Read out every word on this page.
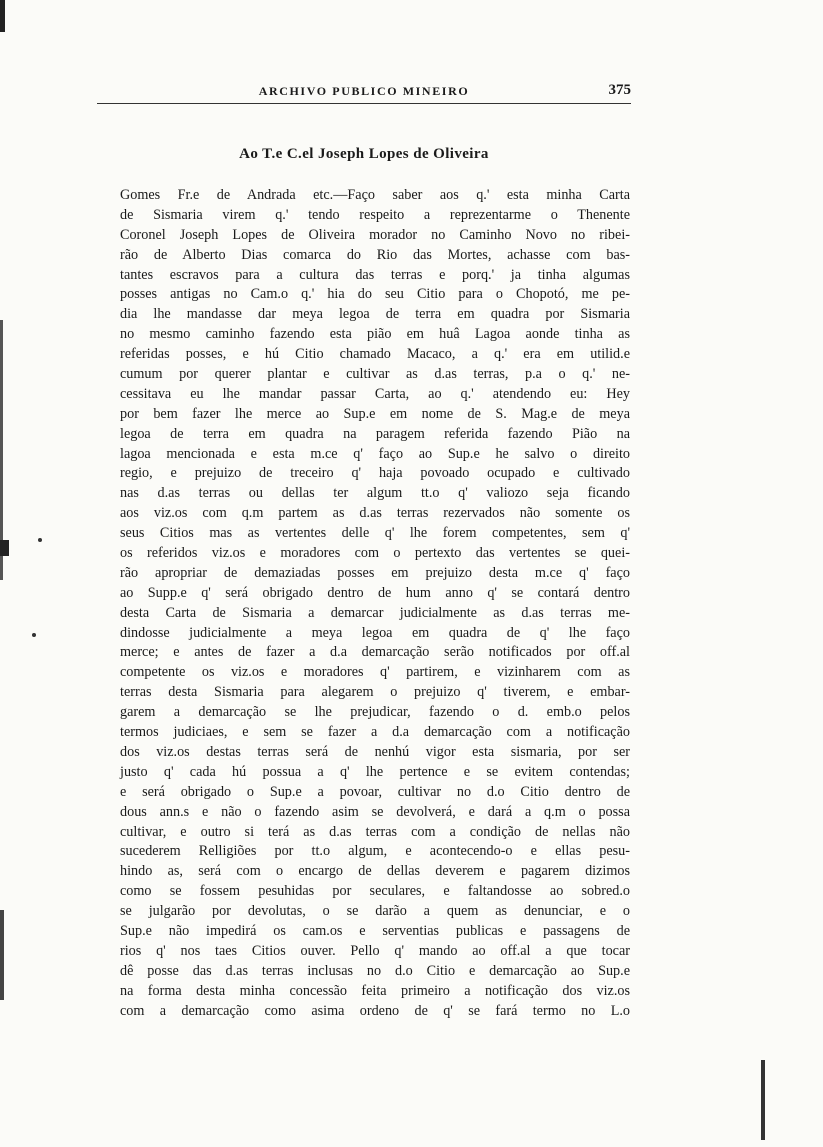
ARCHIVO PUBLICO MINEIRO	375
Ao T.e C.el Joseph Lopes de Oliveira
Gomes Fr.e de Andrada etc.—Faço saber aos q.' esta minha Carta
de Sismaria virem q.' tendo respeito a reprezentarme o Thenente
Coronel Joseph Lopes de Oliveira morador no Caminho Novo no ribei-
rão de Alberto Dias comarca do Rio das Mortes, achasse com bas-
tantes escravos para a cultura das terras e porq.' ja tinha algumas
posses antigas no Cam.o q.' hia do seu Citio para o Chopotó, me pe-
dia lhe mandasse dar meya legoa de terra em quadra por Sismaria
no mesmo caminho fazendo esta pião em huâ Lagoa aonde tinha as
referidas posses, e hú Citio chamado Macaco, a q.' era em utilid.e
cumum por querer plantar e cultivar as d.as terras, p.a o q.' ne-
cessitava eu lhe mandar passar Carta, ao q.' atendendo eu: Hey
por bem fazer lhe merce ao Sup.e em nome de S. Mag.e de meya
legoa de terra em quadra na paragem referida fazendo Pião na
lagoa mencionada e esta m.ce q' faço ao Sup.e he salvo o direito
regio, e prejuizo de treceiro q' haja povoado ocupado e cultivado
nas d.as terras ou dellas ter algum tt.o q' valiozo seja ficando
aos viz.os com q.m partem as d.as terras rezervados não somente os
seus Citios mas as vertentes delle q' lhe forem competentes, sem q'
os referidos viz.os e moradores com o pertexto das vertentes se quei-
rão apropriar de demaziadas posses em prejuizo desta m.ce q' faço
ao Supp.e q' será obrigado dentro de hum anno q' se contará dentro
desta Carta de Sismaria a demarcar judicialmente as d.as terras me-
dindosse judicialmente a meya legoa em quadra de q' lhe faço
merce; e antes de fazer a d.a demarcação serão notificados por off.al
competente os viz.os e moradores q' partirem, e vizinharem com as
terras desta Sismaria para alegarem o prejuizo q' tiverem, e embar-
garem a demarcação se lhe prejudicar, fazendo o d. emb.o pelos
termos judiciaes, e sem se fazer a d.a demarcação com a notificação
dos viz.os destas terras será de nenhú vigor esta sismaria, por ser
justo q' cada hú possua a q' lhe pertence e se evitem contendas;
e será obrigado o Sup.e a povoar, cultivar no d.o Citio dentro de
dous ann.s e não o fazendo asim se devolverá, e dará a q.m o possa
cultivar, e outro si terá as d.as terras com a condição de nellas não
sucederem Relligiões por tt.o algum, e acontecendo-o e ellas pesu-
hindo as, será com o encargo de dellas deverem e pagarem dizimos
como se fossem pesuhidas por seculares, e faltandosse ao sobred.o
se julgarão por devolutas, o se darão a quem as denunciar, e o
Sup.e não impedirá os cam.os e serventias publicas e passagens de
rios q' nos taes Citios ouver. Pello q' mando ao off.al a que tocar
dê posse das d.as terras inclusas no d.o Citio e demarcação ao Sup.e
na forma desta minha concessão feita primeiro a notificação dos viz.os
com a demarcação como asima ordeno de q' se fará termo no L.o
